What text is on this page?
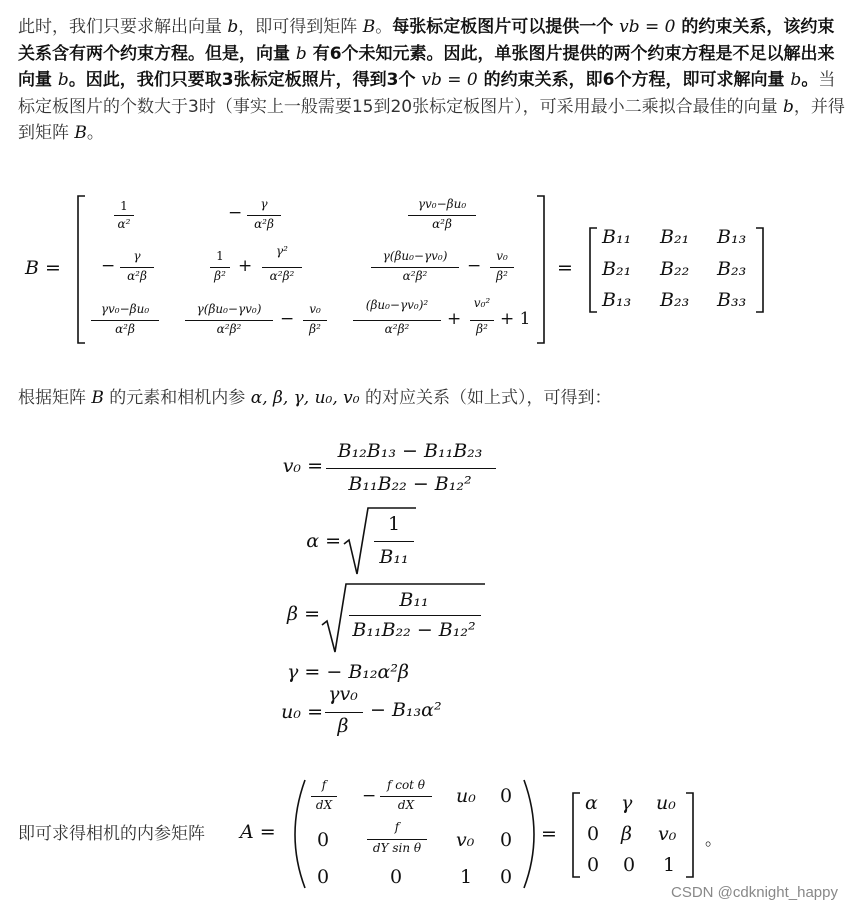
此时，我们只要求解出向量 b，即可得到矩阵 B。每张标定板图片可以提供一个 vb = 0 的约束关系，该约束关系含有两个约束方程。但是，向量 b 有6个未知元素。因此，单张图片提供的两个约束方程是不足以解出来向量 b。因此，我们只要取3张标定板照片，得到3个 vb = 0 的约束关系，即6个方程，即可求解向量 b。当标定板图片的个数大于3时（事实上一般需要15到20张标定板图片），可采用最小二乘拟合最佳的向量 b，并得到矩阵 B。
B =
1
α²
− γ
α²β
γv₀−βu₀
α²β
− γ
α²β
1
β² +
γ²
α²β²
γ(βu₀−γv₀)
α²β² − v₀
β²
γv₀−βu₀
α²β
γ(βu₀−γv₀)
α²β² − v₀
β²
(βu₀−γv₀)²
α²β² +
v₀²
β² + 1
=
B₁₁ B₂₁ B₁₃
B₂₁ B₂₂ B₂₃
B₁₃ B₂₃ B₃₃
根据矩阵 B 的元素和相机内参 α, β, γ, u₀, v₀ 的对应关系（如上式），可得到：
v₀ =
B₁₂B₁₃ − B₁₁B₂₃
B₁₁B₂₂ − B₁₂²
α =
1
B₁₁
β =
B₁₁
B₁₁B₂₂ − B₁₂²
γ = − B₁₂α²β
u₀ =
γv₀
β
− B₁₃α²
即可求得相机的内参矩阵 A =
f
dX −
f cot θ
dX u₀ 0
0
f
dY sin θ v₀ 0
0	0	1 0
=
α γ u₀
0 β v₀
0 0 1
。
CSDN @cdknight_happy
